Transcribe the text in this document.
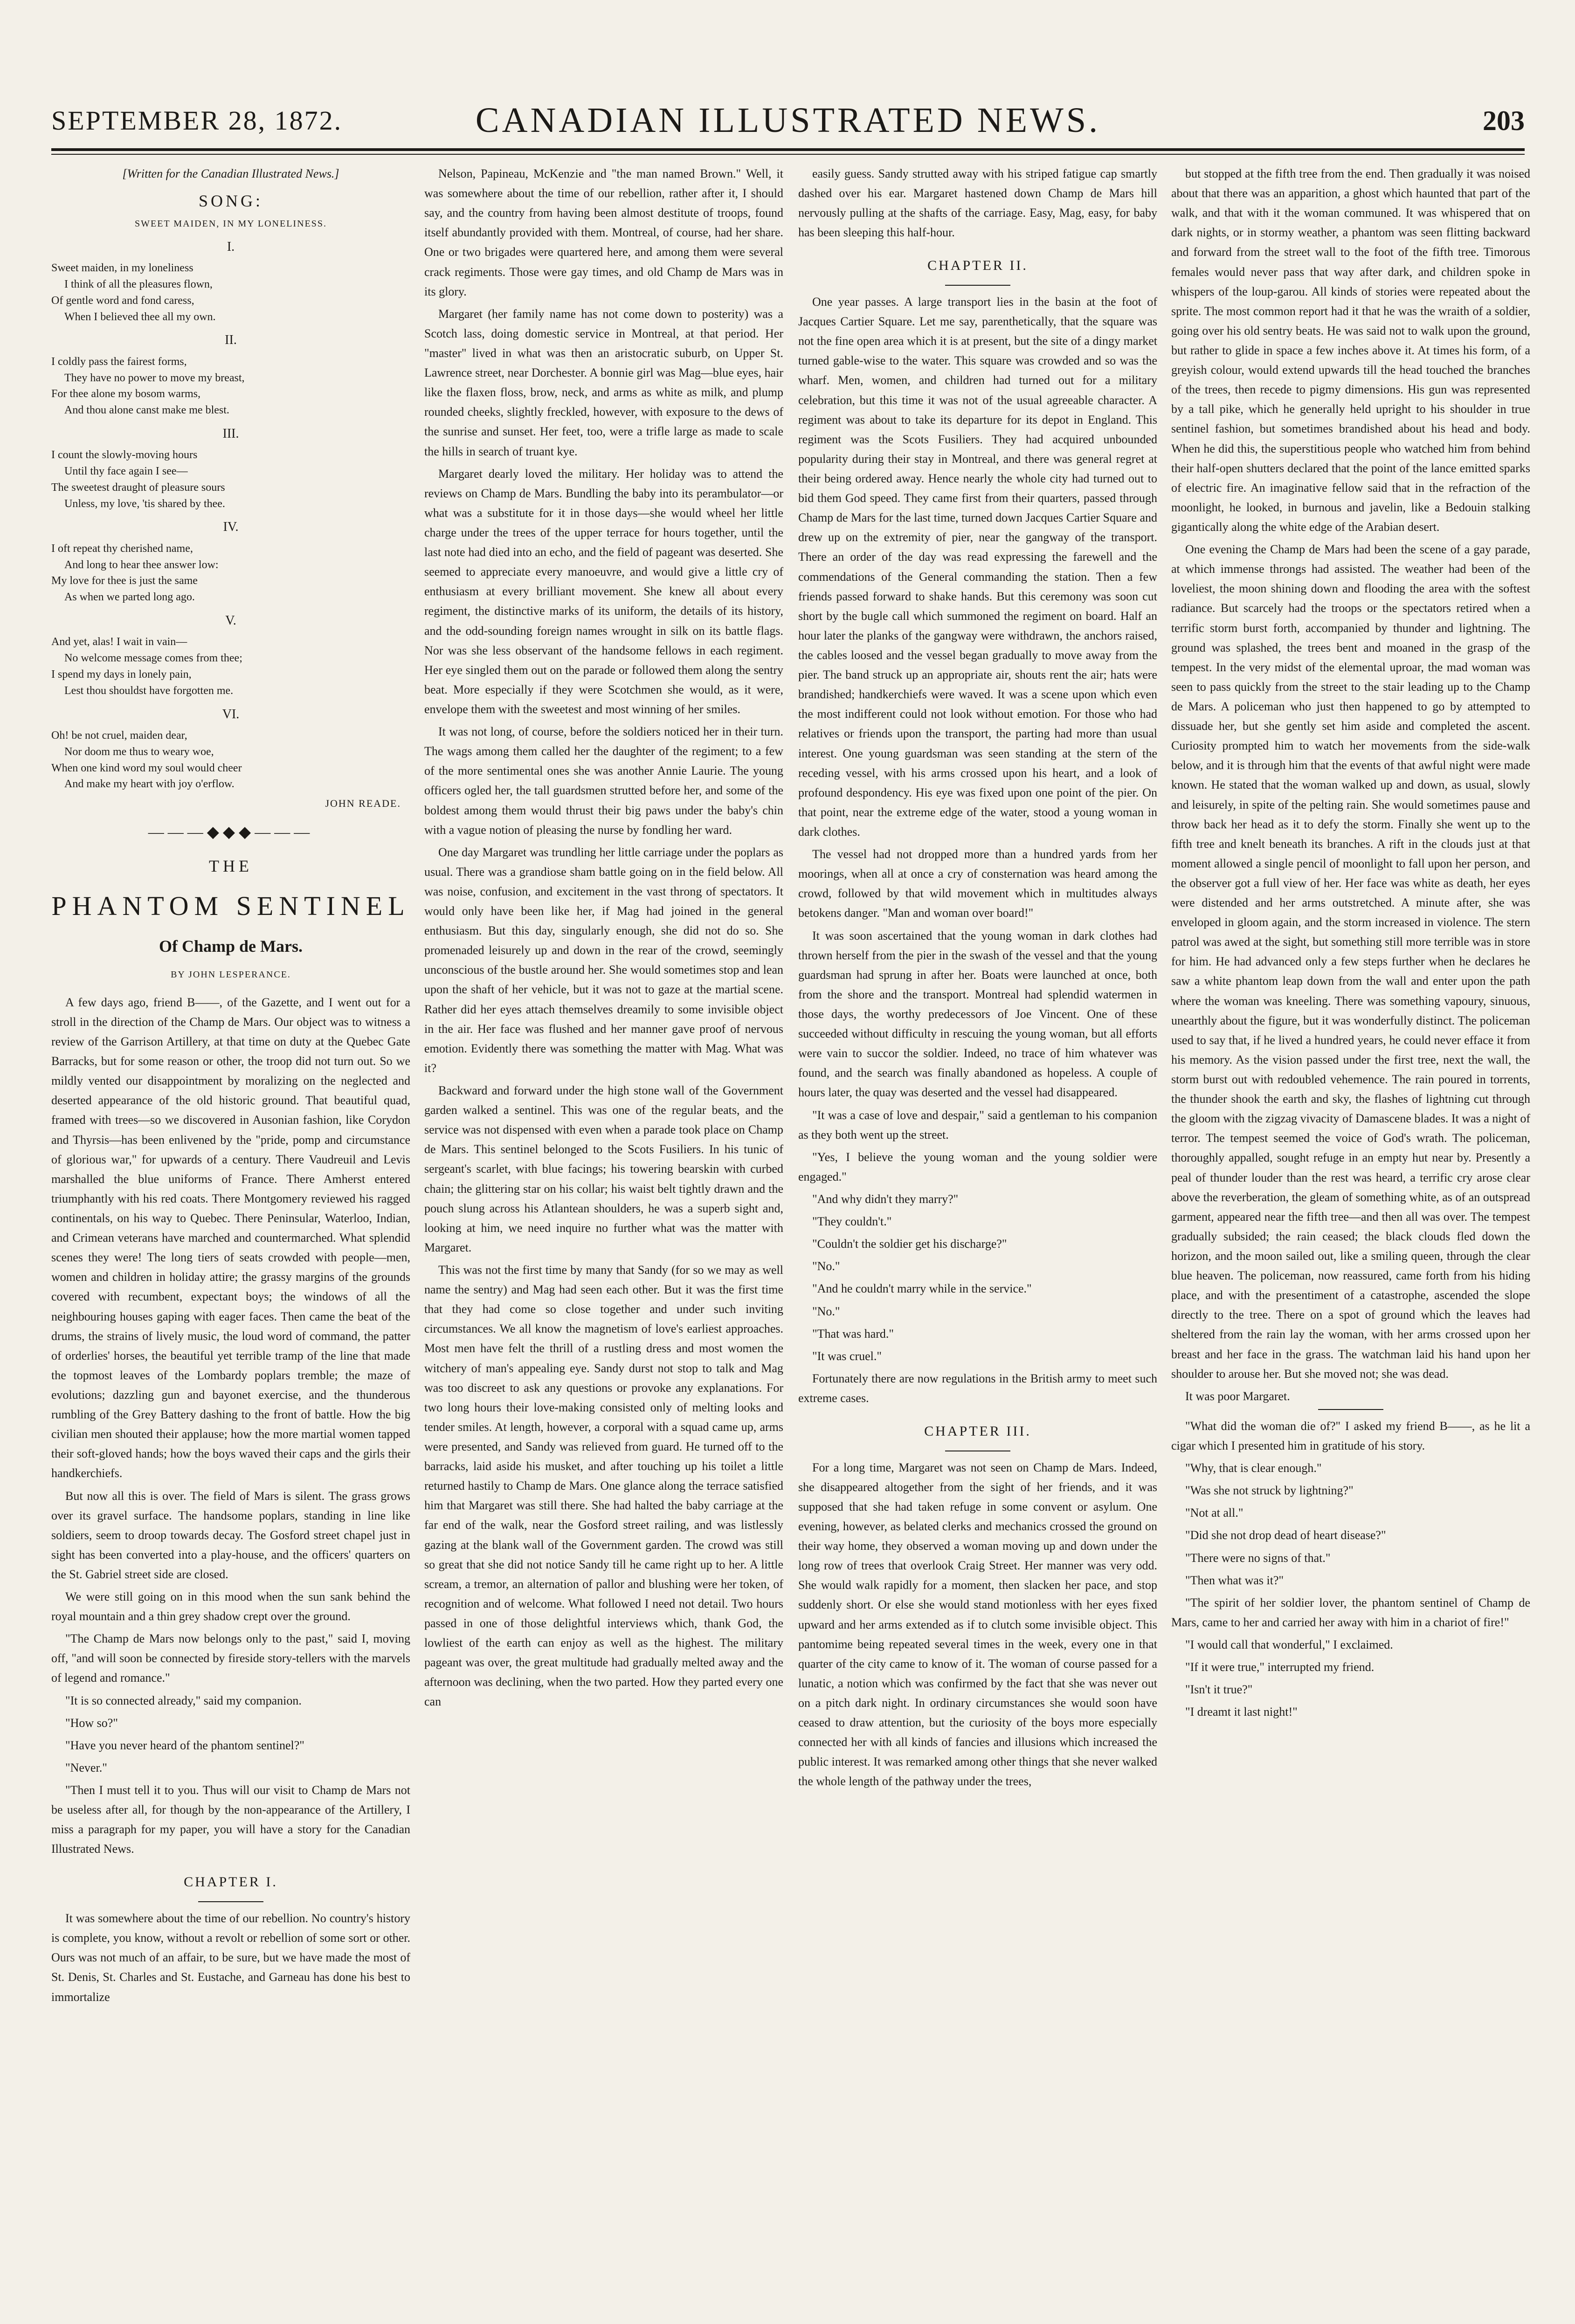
SEPTEMBER 28, 1872.	CANADIAN ILLUSTRATED NEWS.	203

[Written for the Canadian Illustrated News.]

SONG:
SWEET MAIDEN, IN MY LONELINESS.
I.
Sweet maiden, in my loneliness
I think of all the pleasures flown,
Of gentle word and fond caress,
When I believed thee all my own.
II.
I coldly pass the fairest forms,
They have no power to move my breast,
For thee alone my bosom warms,
And thou alone canst make me blest.
III.
I count the slowly-moving hours
Until thy face again I see—
The sweetest draught of pleasure sours
Unless, my love, 'tis shared by thee.
IV.
I oft repeat thy cherished name,
And long to hear thee answer low:
My love for thee is just the same
As when we parted long ago.
V.
And yet, alas! I wait in vain—
No welcome message comes from thee;
I spend my days in lonely pain,
Lest thou shouldst have forgotten me.
VI.
Oh! be not cruel, maiden dear,
Nor doom me thus to weary woe,
When one kind word my soul would cheer
And make my heart with joy o'erflow.
JOHN READE.
———◆◆◆———
THE
PHANTOM SENTINEL
Of Champ de Mars.
BY JOHN LESPERANCE.

A few days ago, friend B——, of the Gazette, and I went out for a stroll in the direction of the Champ de Mars. Our object was to witness a review of the Garrison Artillery, at that time on duty at the Quebec Gate Barracks, but for some reason or other, the troop did not turn out. So we mildly vented our disappointment by moralizing on the neglected and deserted appearance of the old historic ground. That beautiful quad, framed with trees—so we discovered in Ausonian fashion, like Corydon and Thyrsis—has been enlivened by the "pride, pomp and circumstance of glorious war," for upwards of a century. There Vaudreuil and Levis marshalled the blue uniforms of France. There Amherst entered triumphantly with his red coats. There Montgomery reviewed his ragged continentals, on his way to Quebec. There Peninsular, Waterloo, Indian, and Crimean veterans have marched and countermarched. What splendid scenes they were! The long tiers of seats crowded with people—men, women and children in holiday attire; the grassy margins of the grounds covered with recumbent, expectant boys; the windows of all the neighbouring houses gaping with eager faces. Then came the beat of the drums, the strains of lively music, the loud word of command, the patter of orderlies' horses, the beautiful yet terrible tramp of the line that made the topmost leaves of the Lombardy poplars tremble; the maze of evolutions; dazzling gun and bayonet exercise, and the thunderous rumbling of the Grey Battery dashing to the front of battle. How the big civilian men shouted their applause; how the more martial women tapped their soft-gloved hands; how the boys waved their caps and the girls their handkerchiefs.

But now all this is over. The field of Mars is silent. The grass grows over its gravel surface. The handsome poplars, standing in line like soldiers, seem to droop towards decay. The Gosford street chapel just in sight has been converted into a play-house, and the officers' quarters on the St. Gabriel street side are closed.

We were still going on in this mood when the sun sank behind the royal mountain and a thin grey shadow crept over the ground.

"The Champ de Mars now belongs only to the past," said I, moving off, "and will soon be connected by fireside story-tellers with the marvels of legend and romance."

"It is so connected already," said my companion.

"How so?"

"Have you never heard of the phantom sentinel?"

"Never."

"Then I must tell it to you. Thus will our visit to Champ de Mars not be useless after all, for though by the non-appearance of the Artillery, I miss a paragraph for my paper, you will have a story for the Canadian Illustrated News.

CHAPTER I.

It was somewhere about the time of our rebellion. No country's history is complete, you know, without a revolt or rebellion of some sort or other. Ours was not much of an affair, to be sure, but we have made the most of St. Denis, St. Charles and St. Eustache, and Garneau has done his best to immortalize

Nelson, Papineau, McKenzie and "the man named Brown." Well, it was somewhere about the time of our rebellion, rather after it, I should say, and the country from having been almost destitute of troops, found itself abundantly provided with them. Montreal, of course, had her share. One or two brigades were quartered here, and among them were several crack regiments. Those were gay times, and old Champ de Mars was in its glory.

Margaret (her family name has not come down to posterity) was a Scotch lass, doing domestic service in Montreal, at that period. Her "master" lived in what was then an aristocratic suburb, on Upper St. Lawrence street, near Dorchester. A bonnie girl was Mag—blue eyes, hair like the flaxen floss, brow, neck, and arms as white as milk, and plump rounded cheeks, slightly freckled, however, with exposure to the dews of the sunrise and sunset. Her feet, too, were a trifle large as made to scale the hills in search of truant kye.

Margaret dearly loved the military. Her holiday was to attend the reviews on Champ de Mars. Bundling the baby into its perambulator—or what was a substitute for it in those days—she would wheel her little charge under the trees of the upper terrace for hours together, until the last note had died into an echo, and the field of pageant was deserted. She seemed to appreciate every manoeuvre, and would give a little cry of enthusiasm at every brilliant movement. She knew all about every regiment, the distinctive marks of its uniform, the details of its history, and the odd-sounding foreign names wrought in silk on its battle flags. Nor was she less observant of the handsome fellows in each regiment. Her eye singled them out on the parade or followed them along the sentry beat. More especially if they were Scotchmen she would, as it were, envelope them with the sweetest and most winning of her smiles.

It was not long, of course, before the soldiers noticed her in their turn. The wags among them called her the daughter of the regiment; to a few of the more sentimental ones she was another Annie Laurie. The young officers ogled her, the tall guardsmen strutted before her, and some of the boldest among them would thrust their big paws under the baby's chin with a vague notion of pleasing the nurse by fondling her ward.

One day Margaret was trundling her little carriage under the poplars as usual. There was a grandiose sham battle going on in the field below. All was noise, confusion, and excitement in the vast throng of spectators. It would only have been like her, if Mag had joined in the general enthusiasm. But this day, singularly enough, she did not do so. She promenaded leisurely up and down in the rear of the crowd, seemingly unconscious of the bustle around her. She would sometimes stop and lean upon the shaft of her vehicle, but it was not to gaze at the martial scene. Rather did her eyes attach themselves dreamily to some invisible object in the air. Her face was flushed and her manner gave proof of nervous emotion. Evidently there was something the matter with Mag. What was it?

Backward and forward under the high stone wall of the Government garden walked a sentinel. This was one of the regular beats, and the service was not dispensed with even when a parade took place on Champ de Mars. This sentinel belonged to the Scots Fusiliers. In his tunic of sergeant's scarlet, with blue facings; his towering bearskin with curbed chain; the glittering star on his collar; his waist belt tightly drawn and the pouch slung across his Atlantean shoulders, he was a superb sight and, looking at him, we need inquire no further what was the matter with Margaret.

This was not the first time by many that Sandy (for so we may as well name the sentry) and Mag had seen each other. But it was the first time that they had come so close together and under such inviting circumstances. We all know the magnetism of love's earliest approaches. Most men have felt the thrill of a rustling dress and most women the witchery of man's appealing eye. Sandy durst not stop to talk and Mag was too discreet to ask any questions or provoke any explanations. For two long hours their love-making consisted only of melting looks and tender smiles. At length, however, a corporal with a squad came up, arms were presented, and Sandy was relieved from guard. He turned off to the barracks, laid aside his musket, and after touching up his toilet a little returned hastily to Champ de Mars. One glance along the terrace satisfied him that Margaret was still there. She had halted the baby carriage at the far end of the walk, near the Gosford street railing, and was listlessly gazing at the blank wall of the Government garden. The crowd was still so great that she did not notice Sandy till he came right up to her. A little scream, a tremor, an alternation of pallor and blushing were her token, of recognition and of welcome. What followed I need not detail. Two hours passed in one of those delightful interviews which, thank God, the lowliest of the earth can enjoy as well as the highest. The military pageant was over, the great multitude had gradually melted away and the afternoon was declining, when the two parted. How they parted every one can

easily guess. Sandy strutted away with his striped fatigue cap smartly dashed over his ear. Margaret hastened down Champ de Mars hill nervously pulling at the shafts of the carriage. Easy, Mag, easy, for baby has been sleeping this half-hour.

CHAPTER II.

One year passes. A large transport lies in the basin at the foot of Jacques Cartier Square. Let me say, parenthetically, that the square was not the fine open area which it is at present, but the site of a dingy market turned gable-wise to the water. This square was crowded and so was the wharf. Men, women, and children had turned out for a military celebration, but this time it was not of the usual agreeable character. A regiment was about to take its departure for its depot in England. This regiment was the Scots Fusiliers. They had acquired unbounded popularity during their stay in Montreal, and there was general regret at their being ordered away. Hence nearly the whole city had turned out to bid them God speed. They came first from their quarters, passed through Champ de Mars for the last time, turned down Jacques Cartier Square and drew up on the extremity of pier, near the gangway of the transport. There an order of the day was read expressing the farewell and the commendations of the General commanding the station. Then a few friends passed forward to shake hands. But this ceremony was soon cut short by the bugle call which summoned the regiment on board. Half an hour later the planks of the gangway were withdrawn, the anchors raised, the cables loosed and the vessel began gradually to move away from the pier. The band struck up an appropriate air, shouts rent the air; hats were brandished; handkerchiefs were waved. It was a scene upon which even the most indifferent could not look without emotion. For those who had relatives or friends upon the transport, the parting had more than usual interest. One young guardsman was seen standing at the stern of the receding vessel, with his arms crossed upon his heart, and a look of profound despondency. His eye was fixed upon one point of the pier. On that point, near the extreme edge of the water, stood a young woman in dark clothes.

The vessel had not dropped more than a hundred yards from her moorings, when all at once a cry of consternation was heard among the crowd, followed by that wild movement which in multitudes always betokens danger. "Man and woman over board!"

It was soon ascertained that the young woman in dark clothes had thrown herself from the pier in the swash of the vessel and that the young guardsman had sprung in after her. Boats were launched at once, both from the shore and the transport. Montreal had splendid watermen in those days, the worthy predecessors of Joe Vincent. One of these succeeded without difficulty in rescuing the young woman, but all efforts were vain to succor the soldier. Indeed, no trace of him whatever was found, and the search was finally abandoned as hopeless. A couple of hours later, the quay was deserted and the vessel had disappeared.

"It was a case of love and despair," said a gentleman to his companion as they both went up the street.

"Yes, I believe the young woman and the young soldier were engaged."

"And why didn't they marry?"

"They couldn't."

"Couldn't the soldier get his discharge?"

"No."

"And he couldn't marry while in the service."

"No."

"That was hard."

"It was cruel."

Fortunately there are now regulations in the British army to meet such extreme cases.

CHAPTER III.

For a long time, Margaret was not seen on Champ de Mars. Indeed, she disappeared altogether from the sight of her friends, and it was supposed that she had taken refuge in some convent or asylum. One evening, however, as belated clerks and mechanics crossed the ground on their way home, they observed a woman moving up and down under the long row of trees that overlook Craig Street. Her manner was very odd. She would walk rapidly for a moment, then slacken her pace, and stop suddenly short. Or else she would stand motionless with her eyes fixed upward and her arms extended as if to clutch some invisible object. This pantomime being repeated several times in the week, every one in that quarter of the city came to know of it. The woman of course passed for a lunatic, a notion which was confirmed by the fact that she was never out on a pitch dark night. In ordinary circumstances she would soon have ceased to draw attention, but the curiosity of the boys more especially connected her with all kinds of fancies and illusions which increased the public interest. It was remarked among other things that she never walked the whole length of the pathway under the trees,

but stopped at the fifth tree from the end. Then gradually it was noised about that there was an apparition, a ghost which haunted that part of the walk, and that with it the woman communed. It was whispered that on dark nights, or in stormy weather, a phantom was seen flitting backward and forward from the street wall to the foot of the fifth tree. Timorous females would never pass that way after dark, and children spoke in whispers of the loup-garou. All kinds of stories were repeated about the sprite. The most common report had it that he was the wraith of a soldier, going over his old sentry beats. He was said not to walk upon the ground, but rather to glide in space a few inches above it. At times his form, of a greyish colour, would extend upwards till the head touched the branches of the trees, then recede to pigmy dimensions. His gun was represented by a tall pike, which he generally held upright to his shoulder in true sentinel fashion, but sometimes brandished about his head and body. When he did this, the superstitious people who watched him from behind their half-open shutters declared that the point of the lance emitted sparks of electric fire. An imaginative fellow said that in the refraction of the moonlight, he looked, in burnous and javelin, like a Bedouin stalking gigantically along the white edge of the Arabian desert.

One evening the Champ de Mars had been the scene of a gay parade, at which immense throngs had assisted. The weather had been of the loveliest, the moon shining down and flooding the area with the softest radiance. But scarcely had the troops or the spectators retired when a terrific storm burst forth, accompanied by thunder and lightning. The ground was splashed, the trees bent and moaned in the grasp of the tempest. In the very midst of the elemental uproar, the mad woman was seen to pass quickly from the street to the stair leading up to the Champ de Mars. A policeman who just then happened to go by attempted to dissuade her, but she gently set him aside and completed the ascent. Curiosity prompted him to watch her movements from the side-walk below, and it is through him that the events of that awful night were made known. He stated that the woman walked up and down, as usual, slowly and leisurely, in spite of the pelting rain. She would sometimes pause and throw back her head as it to defy the storm. Finally she went up to the fifth tree and knelt beneath its branches. A rift in the clouds just at that moment allowed a single pencil of moonlight to fall upon her person, and the observer got a full view of her. Her face was white as death, her eyes were distended and her arms outstretched. A minute after, she was enveloped in gloom again, and the storm increased in violence. The stern patrol was awed at the sight, but something still more terrible was in store for him. He had advanced only a few steps further when he declares he saw a white phantom leap down from the wall and enter upon the path where the woman was kneeling. There was something vapoury, sinuous, unearthly about the figure, but it was wonderfully distinct. The policeman used to say that, if he lived a hundred years, he could never efface it from his memory. As the vision passed under the first tree, next the wall, the storm burst out with redoubled vehemence. The rain poured in torrents, the thunder shook the earth and sky, the flashes of lightning cut through the gloom with the zigzag vivacity of Damascene blades. It was a night of terror. The tempest seemed the voice of God's wrath. The policeman, thoroughly appalled, sought refuge in an empty hut near by. Presently a peal of thunder louder than the rest was heard, a terrific cry arose clear above the reverberation, the gleam of something white, as of an outspread garment, appeared near the fifth tree—and then all was over. The tempest gradually subsided; the rain ceased; the black clouds fled down the horizon, and the moon sailed out, like a smiling queen, through the clear blue heaven. The policeman, now reassured, came forth from his hiding place, and with the presentiment of a catastrophe, ascended the slope directly to the tree. There on a spot of ground which the leaves had sheltered from the rain lay the woman, with her arms crossed upon her breast and her face in the grass. The watchman laid his hand upon her shoulder to arouse her. But she moved not; she was dead.

It was poor Margaret.

"What did the woman die of?" I asked my friend B——, as he lit a cigar which I presented him in gratitude of his story.

"Why, that is clear enough."

"Was she not struck by lightning?"

"Not at all."

"Did she not drop dead of heart disease?"

"There were no signs of that."

"Then what was it?"

"The spirit of her soldier lover, the phantom sentinel of Champ de Mars, came to her and carried her away with him in a chariot of fire!"

"I would call that wonderful," I exclaimed.

"If it were true," interrupted my friend.

"Isn't it true?"

"I dreamt it last night!"
